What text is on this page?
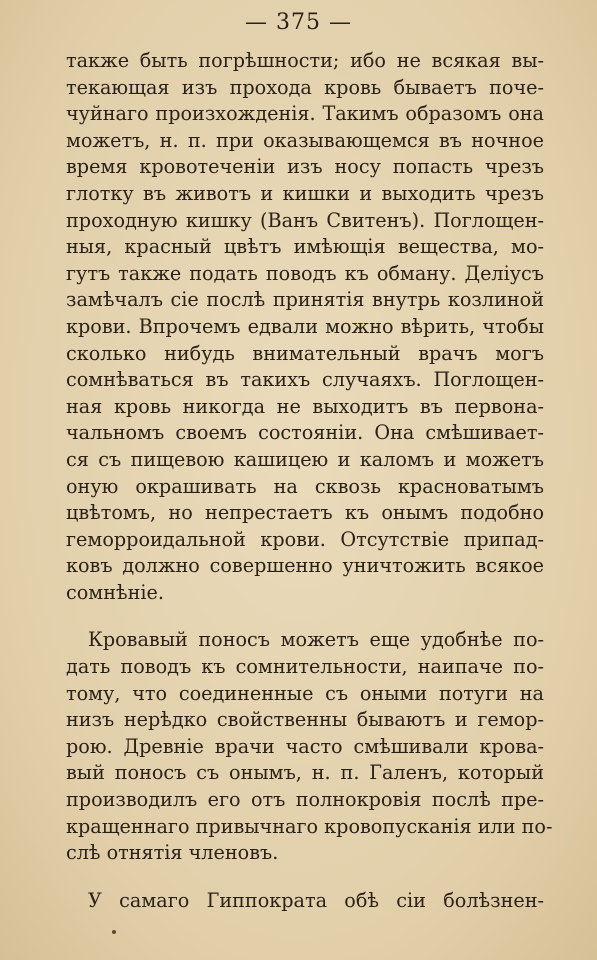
— 375 —
также быть погрѣшности; ибо не всякая вы-
текающая изъ прохода кровь бываетъ поче-
чуйнаго произхожденія. Такимъ образомъ она
можетъ, н. п. при оказывающемся въ ночное
время кровотеченіи изъ носу попасть чрезъ
глотку въ животъ и кишки и выходить чрезъ
проходную кишку (Ванъ Свитенъ). Поглощен-
ныя, красный цвѣтъ имѣющія вещества, мо-
гутъ также подать поводъ къ обману. Делiусъ
замѣчалъ сіе послѣ принятія внутрь козлиной
крови. Впрочемъ едвали можно вѣрить, чтобы
сколько нибудь внимательный врачъ могъ
сомнѣваться въ такихъ случаяхъ. Поглощен-
ная кровь никогда не выходитъ въ первона-
чальномъ своемъ состояніи. Она смѣшивает-
ся съ пищевою кашицею и каломъ и можетъ
оную окрашивать на сквозь красноватымъ
цвѣтомъ, но непрестаетъ къ онымъ подобно
геморроидальной крови. Отсутствіе припад-
ковъ должно совершенно уничтожить всякое
сомнѣніе.
Кровавый поносъ можетъ еще удобнѣе по-
дать поводъ къ сомнительности, наипаче по-
тому, что соединенные съ оными потуги на
низъ нерѣдко свойственны бываютъ и гемор-
рою. Древніе врачи часто смѣшивали крова-
вый поносъ съ онымъ, н. п. Галенъ, который
производилъ его отъ полнокровія послѣ пре-
кращеннаго привычнаго кровопусканія или по-
слѣ отнятія членовъ.
У самаго Гиппократа обѣ сіи болѣзнен-
